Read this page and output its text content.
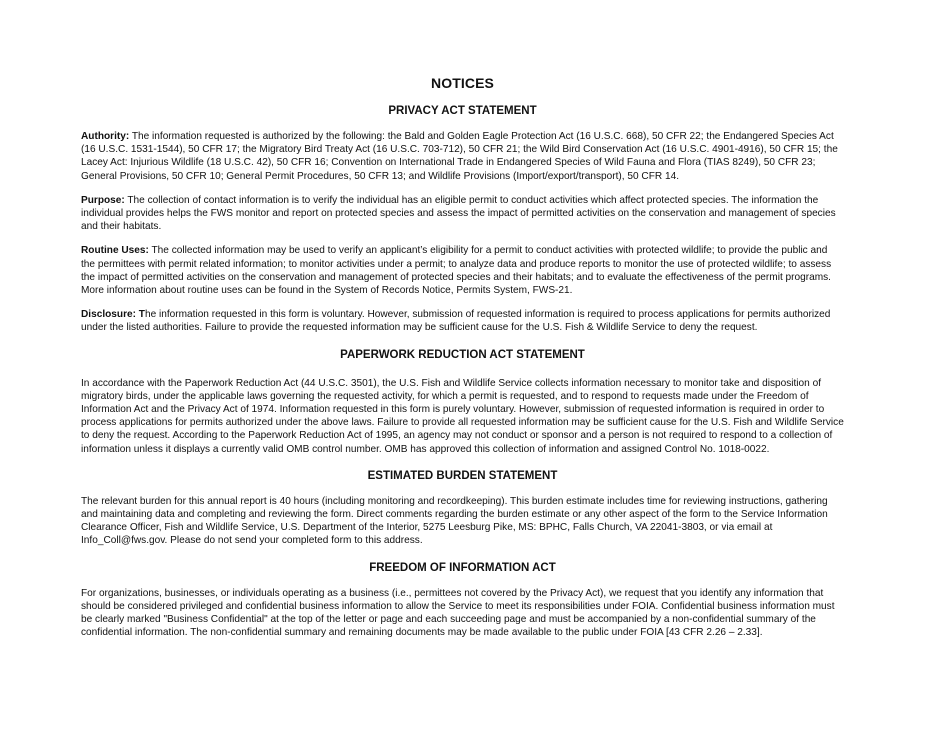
NOTICES
PRIVACY ACT STATEMENT

Authority: The information requested is authorized by the following: the Bald and Golden Eagle Protection Act (16 U.S.C. 668), 50 CFR 22; the Endangered Species Act (16 U.S.C. 1531-1544), 50 CFR 17; the Migratory Bird Treaty Act (16 U.S.C. 703-712), 50 CFR 21; the Wild Bird Conservation Act (16 U.S.C. 4901-4916), 50 CFR 15; the Lacey Act: Injurious Wildlife (18 U.S.C. 42), 50 CFR 16; Convention on International Trade in Endangered Species of Wild Fauna and Flora (TIAS 8249), 50 CFR 23; General Provisions, 50 CFR 10; General Permit Procedures, 50 CFR 13; and Wildlife Provisions (Import/export/transport), 50 CFR 14.

Purpose: The collection of contact information is to verify the individual has an eligible permit to conduct activities which affect protected species. The information the individual provides helps the FWS monitor and report on protected species and assess the impact of permitted activities on the conservation and management of species and their habitats.

Routine Uses: The collected information may be used to verify an applicant’s eligibility for a permit to conduct activities with protected wildlife; to provide the public and the permittees with permit related information; to monitor activities under a permit; to analyze data and produce reports to monitor the use of protected wildlife; to assess the impact of permitted activities on the conservation and management of protected species and their habitats; and to evaluate the effectiveness of the permit programs. More information about routine uses can be found in the System of Records Notice, Permits System, FWS-21.

Disclosure: The information requested in this form is voluntary. However, submission of requested information is required to process applications for permits authorized under the listed authorities. Failure to provide the requested information may be sufficient cause for the U.S. Fish & Wildlife Service to deny the request.

PAPERWORK REDUCTION ACT STATEMENT

In accordance with the Paperwork Reduction Act (44 U.S.C. 3501), the U.S. Fish and Wildlife Service collects information necessary to monitor take and disposition of migratory birds, under the applicable laws governing the requested activity, for which a permit is requested, and to respond to requests made under the Freedom of Information Act and the Privacy Act of 1974. Information requested in this form is purely voluntary. However, submission of requested information is required in order to process applications for permits authorized under the above laws. Failure to provide all requested information may be sufficient cause for the U.S. Fish and Wildlife Service to deny the request. According to the Paperwork Reduction Act of 1995, an agency may not conduct or sponsor and a person is not required to respond to a collection of information unless it displays a currently valid OMB control number. OMB has approved this collection of information and assigned Control No. 1018-0022.

ESTIMATED BURDEN STATEMENT

The relevant burden for this annual report is 40 hours (including monitoring and recordkeeping). This burden estimate includes time for reviewing instructions, gathering and maintaining data and completing and reviewing the form. Direct comments regarding the burden estimate or any other aspect of the form to the Service Information Clearance Officer, Fish and Wildlife Service, U.S. Department of the Interior, 5275 Leesburg Pike, MS: BPHC, Falls Church, VA 22041-3803, or via email at Info_Coll@fws.gov. Please do not send your completed form to this address.

FREEDOM OF INFORMATION ACT

For organizations, businesses, or individuals operating as a business (i.e., permittees not covered by the Privacy Act), we request that you identify any information that should be considered privileged and confidential business information to allow the Service to meet its responsibilities under FOIA. Confidential business information must be clearly marked "Business Confidential" at the top of the letter or page and each succeeding page and must be accompanied by a non-confidential summary of the confidential information. The non-confidential summary and remaining documents may be made available to the public under FOIA [43 CFR 2.26 – 2.33].
